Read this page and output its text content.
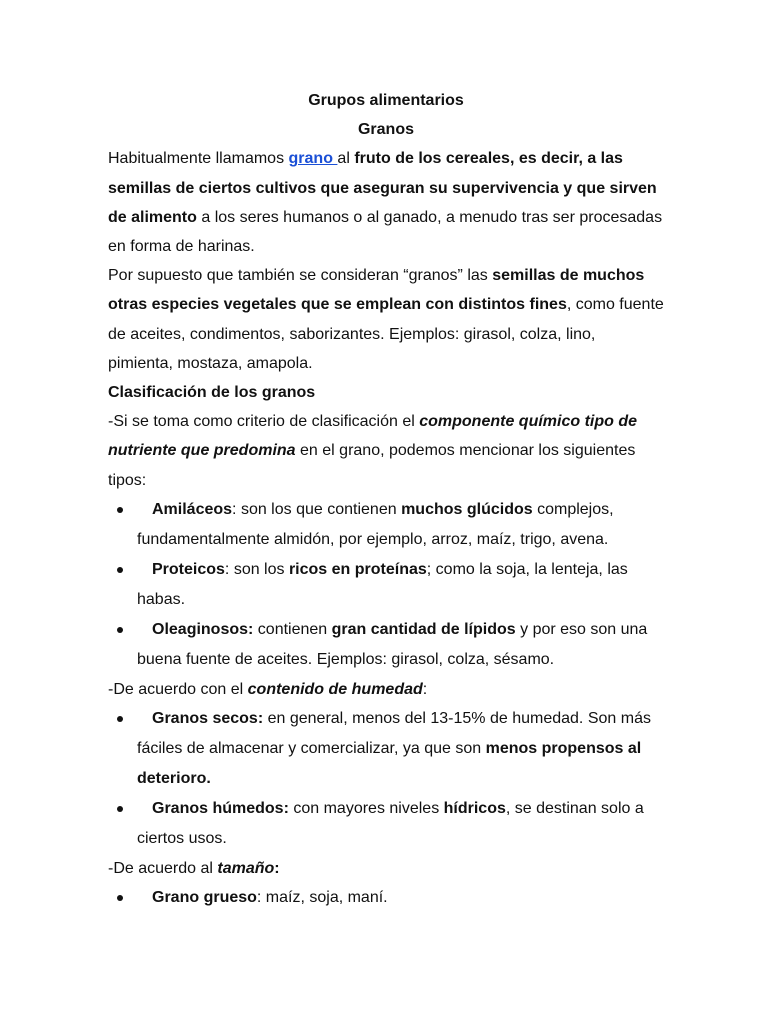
Grupos alimentarios

Granos

Habitualmente llamamos grano al fruto de los cereales, es decir, a las semillas de ciertos cultivos que aseguran su supervivencia y que sirven de alimento a los seres humanos o al ganado, a menudo tras ser procesadas en forma de harinas.

Por supuesto que también se consideran “granos” las semillas de muchos otras especies vegetales que se emplean con distintos fines, como fuente de aceites, condimentos, saborizantes. Ejemplos: girasol, colza, lino, pimienta, mostaza, amapola.

Clasificación de los granos

-Si se toma como criterio de clasificación el componente químico tipo de nutriente que predomina en el grano, podemos mencionar los siguientes tipos:

Amiláceos: son los que contienen muchos glúcidos complejos, fundamentalmente almidón, por ejemplo, arroz, maíz, trigo, avena.
Proteicos: son los ricos en proteínas; como la soja, la lenteja, las habas.
Oleaginosos: contienen gran cantidad de lípidos y por eso son una buena fuente de aceites. Ejemplos: girasol, colza, sésamo.

-De acuerdo con el contenido de humedad:

Granos secos: en general, menos del 13-15% de humedad. Son más fáciles de almacenar y comercializar, ya que son menos propensos al deterioro.
Granos húmedos: con mayores niveles hídricos, se destinan solo a ciertos usos.

-De acuerdo al tamaño:

Grano grueso: maíz, soja, maní.
